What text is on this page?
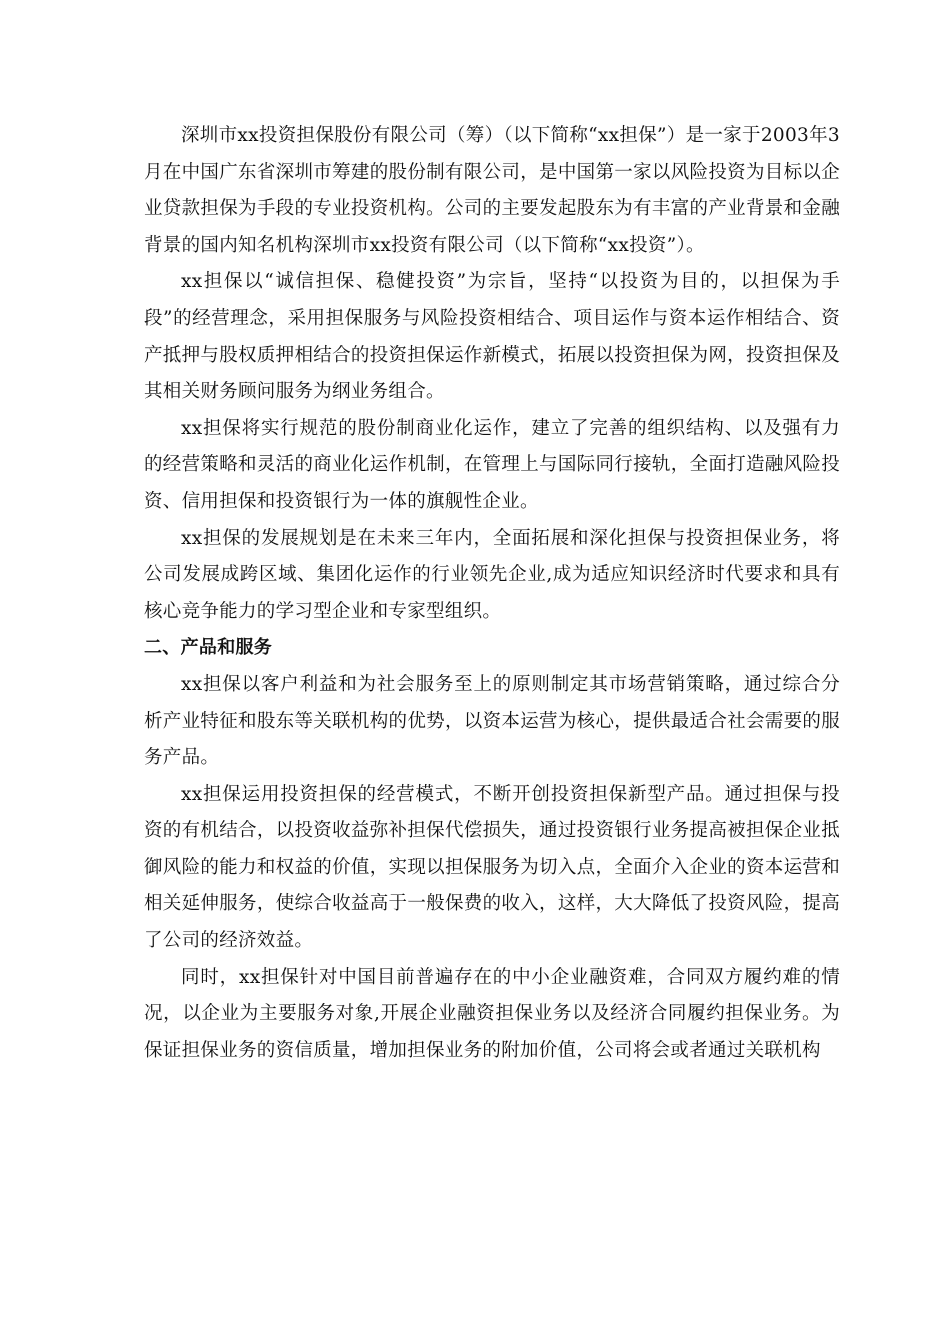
深圳市xx投资担保股份有限公司（筹）（以下简称“xx担保”）是一家于2003年3月在中国广东省深圳市筹建的股份制有限公司，是中国第一家以风险投资为目标以企业贷款担保为手段的专业投资机构。公司的主要发起股东为有丰富的产业背景和金融背景的国内知名机构深圳市xx投资有限公司（以下简称“xx投资”）。

xx担保以“诚信担保、稳健投资”为宗旨，坚持“以投资为目的，以担保为手段”的经营理念，采用担保服务与风险投资相结合、项目运作与资本运作相结合、资产抵押与股权质押相结合的投资担保运作新模式，拓展以投资担保为网，投资担保及其相关财务顾问服务为纲业务组合。

xx担保将实行规范的股份制商业化运作，建立了完善的组织结构、以及强有力的经营策略和灵活的商业化运作机制，在管理上与国际同行接轨，全面打造融风险投资、信用担保和投资银行为一体的旗舰性企业。

xx担保的发展规划是在未来三年内，全面拓展和深化担保与投资担保业务，将公司发展成跨区域、集团化运作的行业领先企业,成为适应知识经济时代要求和具有核心竞争能力的学习型企业和专家型组织。

二、产品和服务

xx担保以客户利益和为社会服务至上的原则制定其市场营销策略，通过综合分析产业特征和股东等关联机构的优势，以资本运营为核心，提供最适合社会需要的服务产品。

xx担保运用投资担保的经营模式，不断开创投资担保新型产品。通过担保与投资的有机结合，以投资收益弥补担保代偿损失，通过投资银行业务提高被担保企业抵御风险的能力和权益的价值，实现以担保服务为切入点，全面介入企业的资本运营和相关延伸服务，使综合收益高于一般保费的收入，这样，大大降低了投资风险，提高了公司的经济效益。

同时，xx担保针对中国目前普遍存在的中小企业融资难，合同双方履约难的情况，以企业为主要服务对象,开展企业融资担保业务以及经济合同履约担保业务。为保证担保业务的资信质量，增加担保业务的附加价值，公司将会或者通过关联机构
